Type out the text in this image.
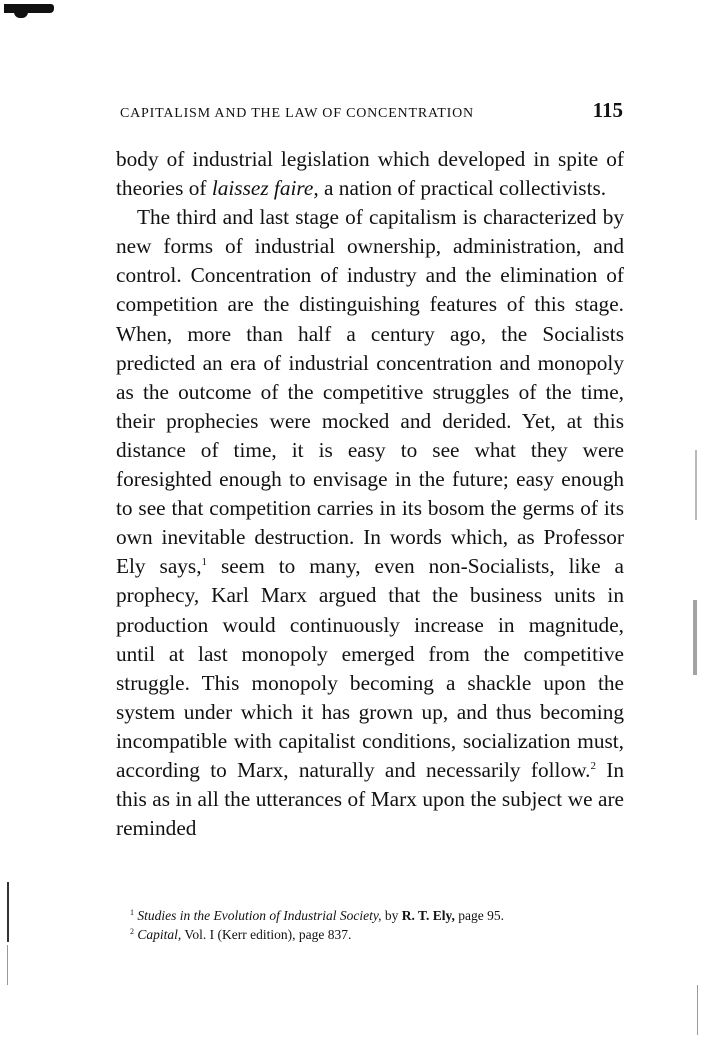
CAPITALISM AND THE LAW OF CONCENTRATION	115

body of industrial legislation which developed in spite of theories of laissez faire, a nation of practical collectivists.

The third and last stage of capitalism is characterized by new forms of industrial ownership, administration, and control. Concentration of industry and the elimination of competition are the distinguishing features of this stage. When, more than half a century ago, the Socialists predicted an era of industrial concentration and monopoly as the outcome of the competitive struggles of the time, their prophecies were mocked and derided. Yet, at this distance of time, it is easy to see what they were foresighted enough to envisage in the future; easy enough to see that competition carries in its bosom the germs of its own inevitable destruction. In words which, as Professor Ely says,$^1$ seem to many, even non-Socialists, like a prophecy, Karl Marx argued that the business units in production would continuously increase in magnitude, until at last monopoly emerged from the competitive struggle. This monopoly becoming a shackle upon the system under which it has grown up, and thus becoming incompatible with capitalist conditions, socialization must, according to Marx, naturally and necessarily follow.$^2$ In this as in all the utterances of Marx upon the subject we are reminded

$^1$ Studies in the Evolution of Industrial Society, by R. T. Ely, page 95.

$^2$ Capital, Vol. I (Kerr edition), page 837.
